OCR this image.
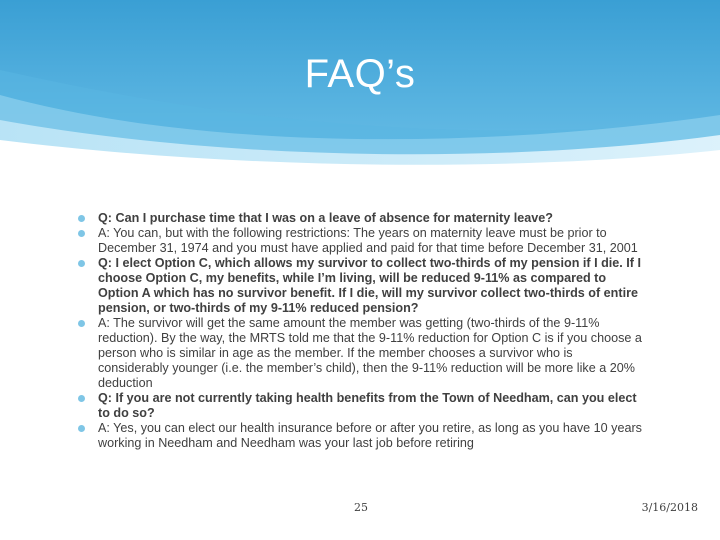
FAQ’s
Q: Can I purchase time that I was on a leave of absence for maternity leave?
A: You can, but with the following restrictions: The years on maternity leave must be prior to December 31, 1974 and you must have applied and paid for that time before December 31, 2001
Q: I elect Option C, which allows my survivor to collect two-thirds of my pension if I die. If I choose Option C, my benefits, while I’m living, will be reduced 9-11% as compared to Option A which has no survivor benefit. If I die, will my survivor collect two-thirds of entire pension, or two-thirds of my 9-11% reduced pension?
A: The survivor will get the same amount the member was getting (two-thirds of the 9-11% reduction). By the way, the MRTS told me that the 9-11% reduction for Option C is if you choose a person who is similar in age as the member. If the member chooses a survivor who is considerably younger (i.e. the member’s child), then the 9-11% reduction will be more like a 20% deduction
Q: If you are not currently taking health benefits from the Town of Needham, can you elect to do so?
A: Yes, you can elect our health insurance before or after you retire, as long as you have 10 years working in Needham and Needham was your last job before retiring
25	3/16/2018
